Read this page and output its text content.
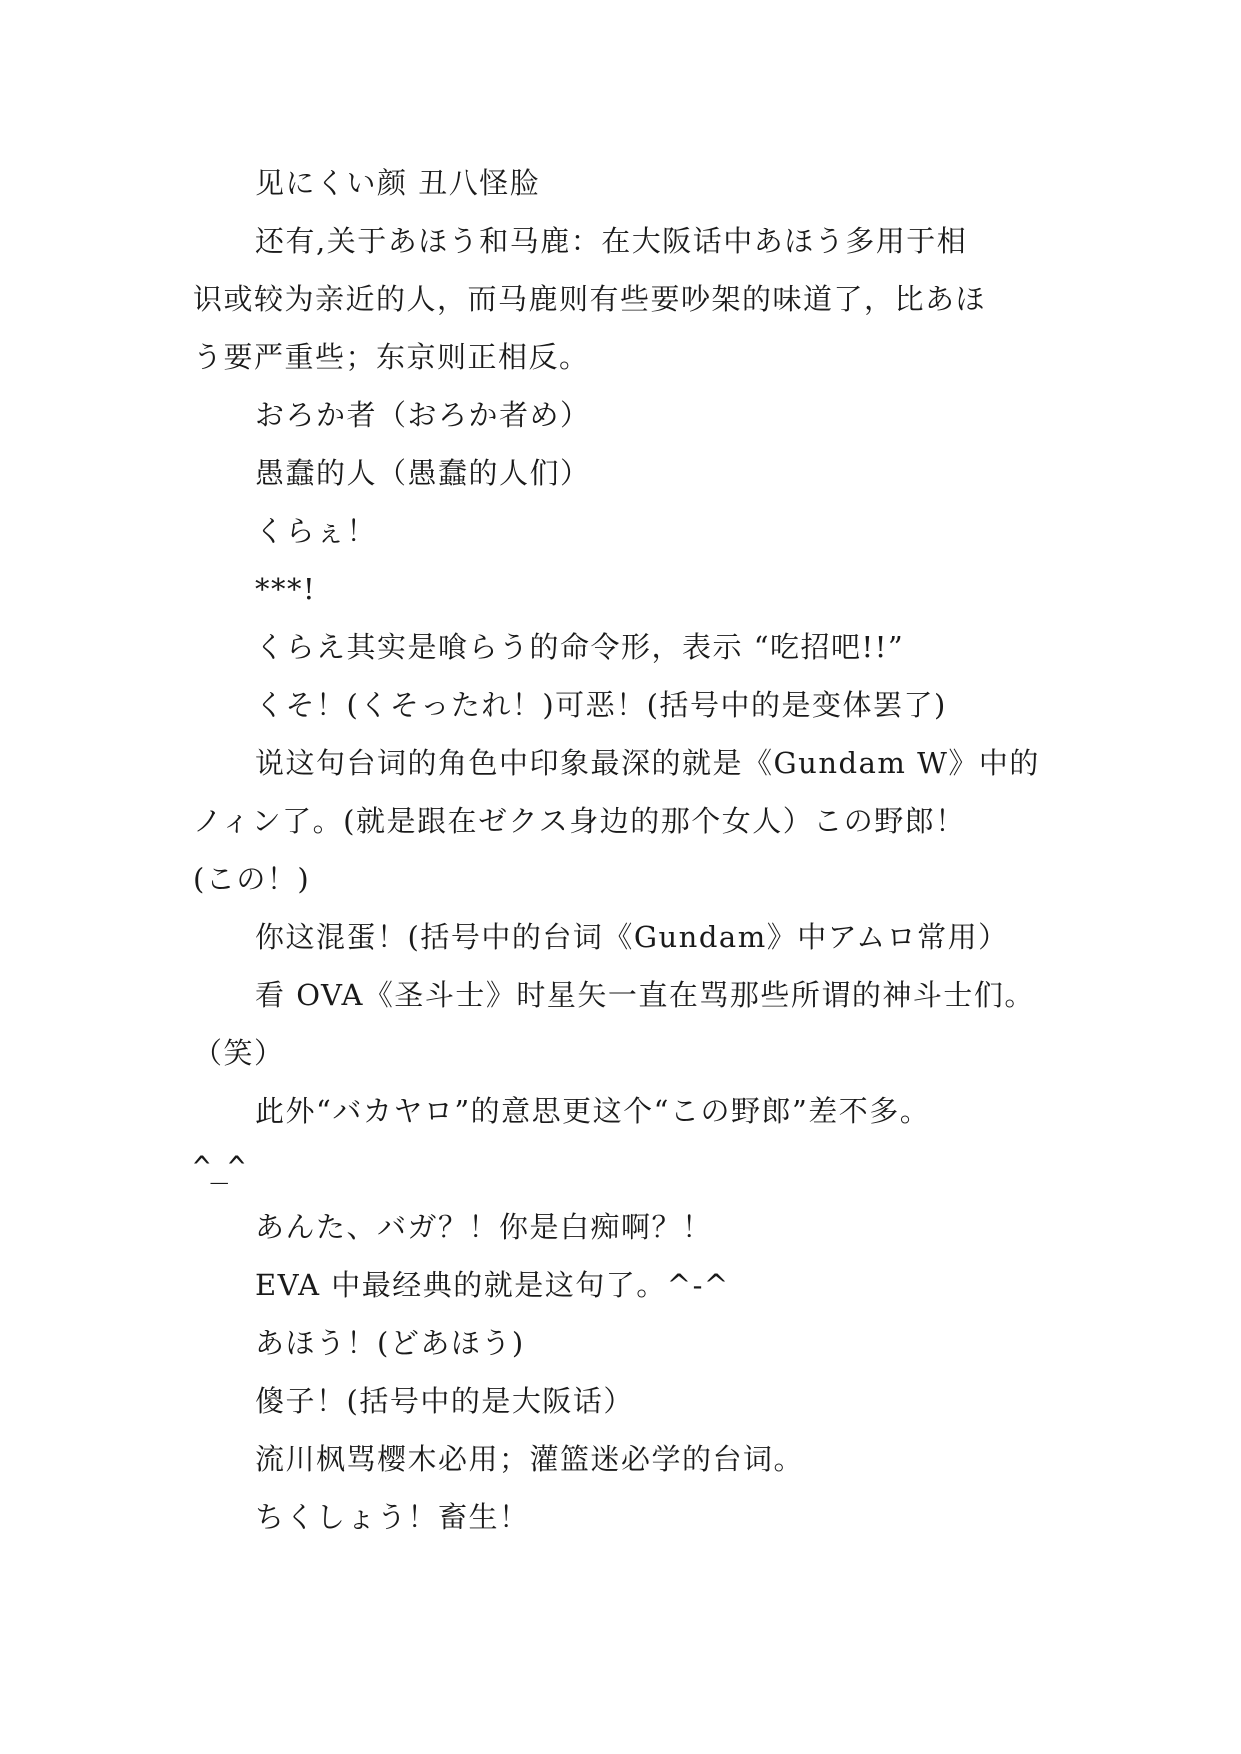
见にくい颜 丑八怪脸

还有,关于あほう和马鹿：在大阪话中あほう多用于相

识或较为亲近的人，而马鹿则有些要吵架的味道了，比あほ

う要严重些；东京则正相反。

おろか者（おろか者め）

愚蠢的人（愚蠢的人们）

くらぇ！

***!

くらえ其实是喰らう的命令形，表示 “吃招吧!!”

くそ！(くそったれ！)可恶！(括号中的是变体罢了)

说这句台词的角色中印象最深的就是《Gundam W》中的

ノィン了。(就是跟在ゼクス身边的那个女人）この野郎！

(この！)

你这混蛋！(括号中的台词《Gundam》中アムロ常用）

看 OVA《圣斗士》时星矢一直在骂那些所谓的神斗士们。

（笑）

此外“バカヤロ”的意思更这个“この野郎”差不多。

^_^

あんた、バガ？！你是白痴啊？！

EVA 中最经典的就是这句了。^-^

あほう！(どあほう)

傻子！(括号中的是大阪话）

流川枫骂樱木必用；灌篮迷必学的台词。

ちくしょう！畜生！
